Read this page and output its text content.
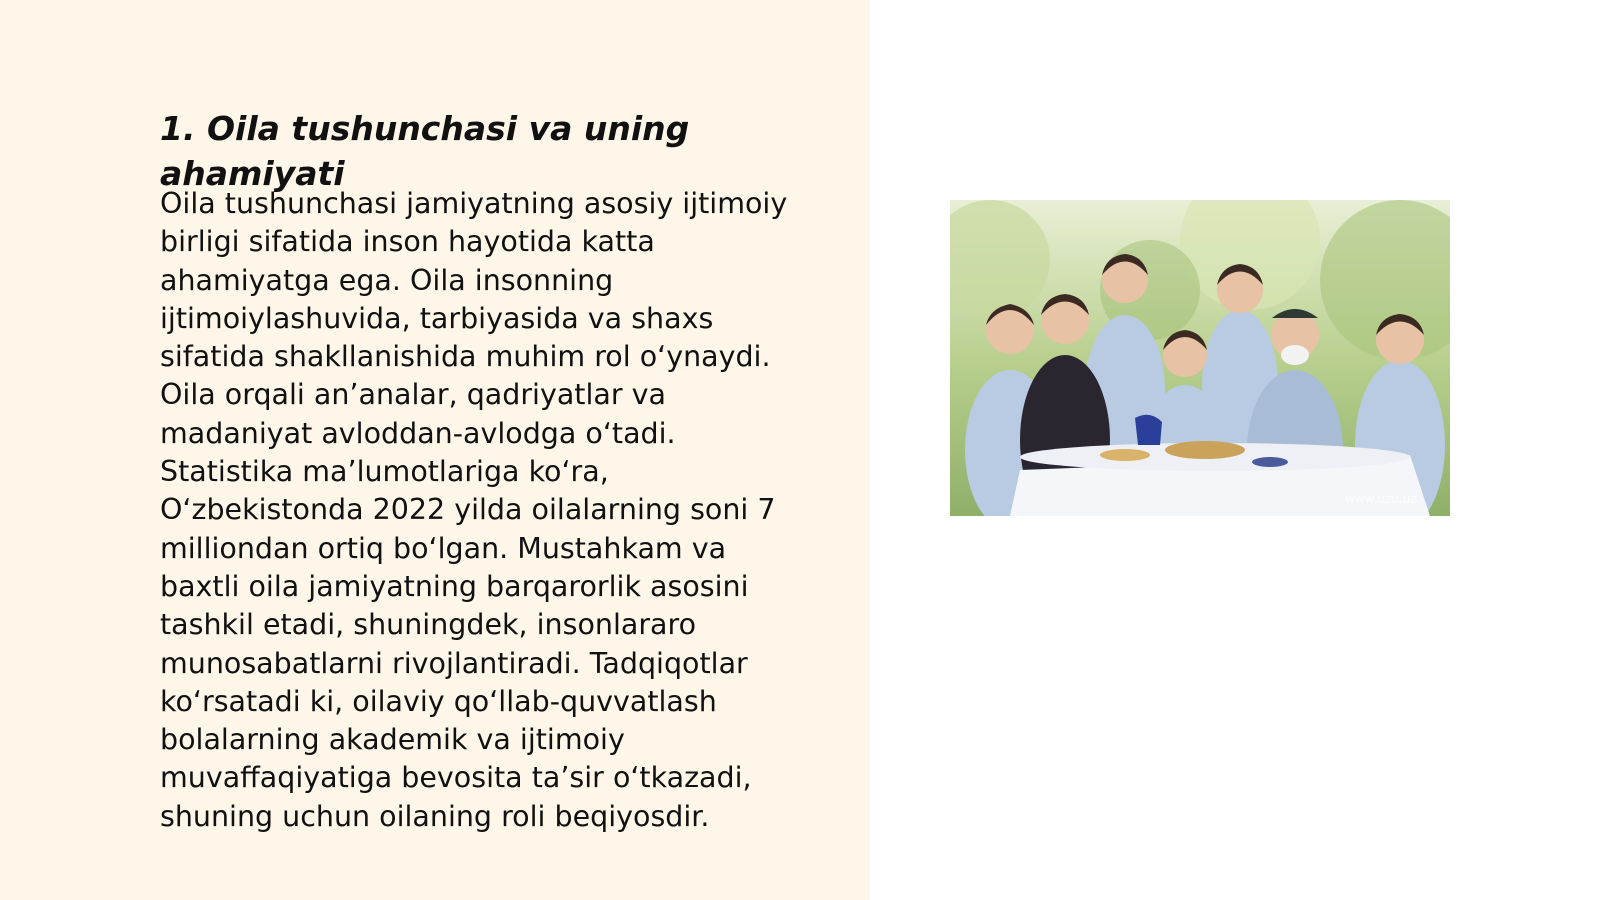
1. Oila tushunchasi va uning ahamiyati

Oila tushunchasi jamiyatning asosiy ijtimoiy
birligi sifatida inson hayotida katta
ahamiyatga ega. Oila insonning
ijtimoiylashuvida, tarbiyasida va shaxs
sifatida shakllanishida muhim rol oʻynaydi.
Oila orqali anʼanalar, qadriyatlar va
madaniyat avloddan-avlodga oʻtadi.
Statistika maʼlumotlariga koʻra,
Oʻzbekistonda 2022 yilda oilalarning soni 7
milliondan ortiq boʻlgan. Mustahkam va
baxtli oila jamiyatning barqarorlik asosini
tashkil etadi, shuningdek, insonlararo
munosabatlarni rivojlantiradi. Tadqiqotlar
koʻrsatadi ki, oilaviy qoʻllab-quvvatlash
bolalarning akademik va ijtimoiy
muvaffaqiyatiga bevosita taʼsir oʻtkazadi,
shuning uchun oilaning roli beqiyosdir.

www.uzu.uz
